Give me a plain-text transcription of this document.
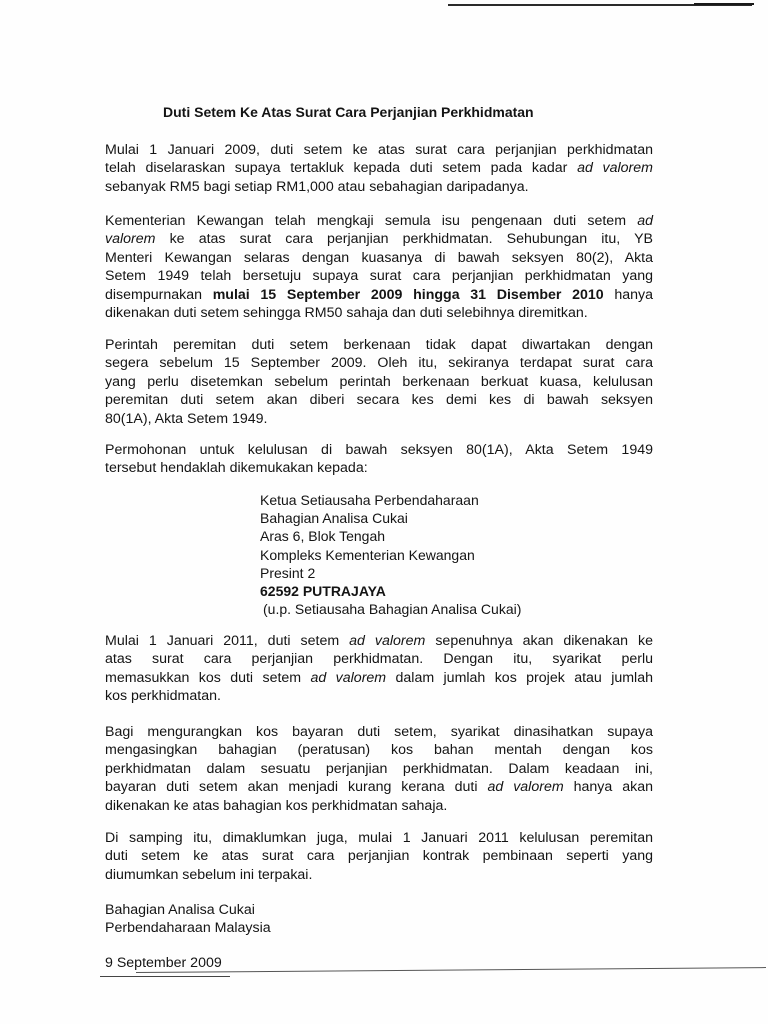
Duti Setem Ke Atas Surat Cara Perjanjian Perkhidmatan
Mulai 1 Januari 2009, duti setem ke atas surat cara perjanjian perkhidmatan
telah diselaraskan supaya tertakluk kepada duti setem pada kadar ad valorem
sebanyak RM5 bagi setiap RM1,000 atau sebahagian daripadanya.
Kementerian Kewangan telah mengkaji semula isu pengenaan duti setem ad
valorem ke atas surat cara perjanjian perkhidmatan. Sehubungan itu, YB
Menteri Kewangan selaras dengan kuasanya di bawah seksyen 80(2), Akta
Setem 1949 telah bersetuju supaya surat cara perjanjian perkhidmatan yang
disempurnakan mulai 15 September 2009 hingga 31 Disember 2010 hanya
dikenakan duti setem sehingga RM50 sahaja dan duti selebihnya diremitkan.
Perintah peremitan duti setem berkenaan tidak dapat diwartakan dengan
segera sebelum 15 September 2009. Oleh itu, sekiranya terdapat surat cara
yang perlu disetemkan sebelum perintah berkenaan berkuat kuasa, kelulusan
peremitan duti setem akan diberi secara kes demi kes di bawah seksyen
80(1A), Akta Setem 1949.
Permohonan untuk kelulusan di bawah seksyen 80(1A), Akta Setem 1949
tersebut hendaklah dikemukakan kepada:
Ketua Setiausaha Perbendaharaan
Bahagian Analisa Cukai
Aras 6, Blok Tengah
Kompleks Kementerian Kewangan
Presint 2
62592 PUTRAJAYA
(u.p. Setiausaha Bahagian Analisa Cukai)
Mulai 1 Januari 2011, duti setem ad valorem sepenuhnya akan dikenakan ke
atas surat cara perjanjian perkhidmatan. Dengan itu, syarikat perlu
memasukkan kos duti setem ad valorem dalam jumlah kos projek atau jumlah
kos perkhidmatan.
Bagi mengurangkan kos bayaran duti setem, syarikat dinasihatkan supaya
mengasingkan bahagian (peratusan) kos bahan mentah dengan kos
perkhidmatan dalam sesuatu perjanjian perkhidmatan. Dalam keadaan ini,
bayaran duti setem akan menjadi kurang kerana duti ad valorem hanya akan
dikenakan ke atas bahagian kos perkhidmatan sahaja.
Di samping itu, dimaklumkan juga, mulai 1 Januari 2011 kelulusan peremitan
duti setem ke atas surat cara perjanjian kontrak pembinaan seperti yang
diumumkan sebelum ini terpakai.
Bahagian Analisa Cukai
Perbendaharaan Malaysia
9 September 2009
